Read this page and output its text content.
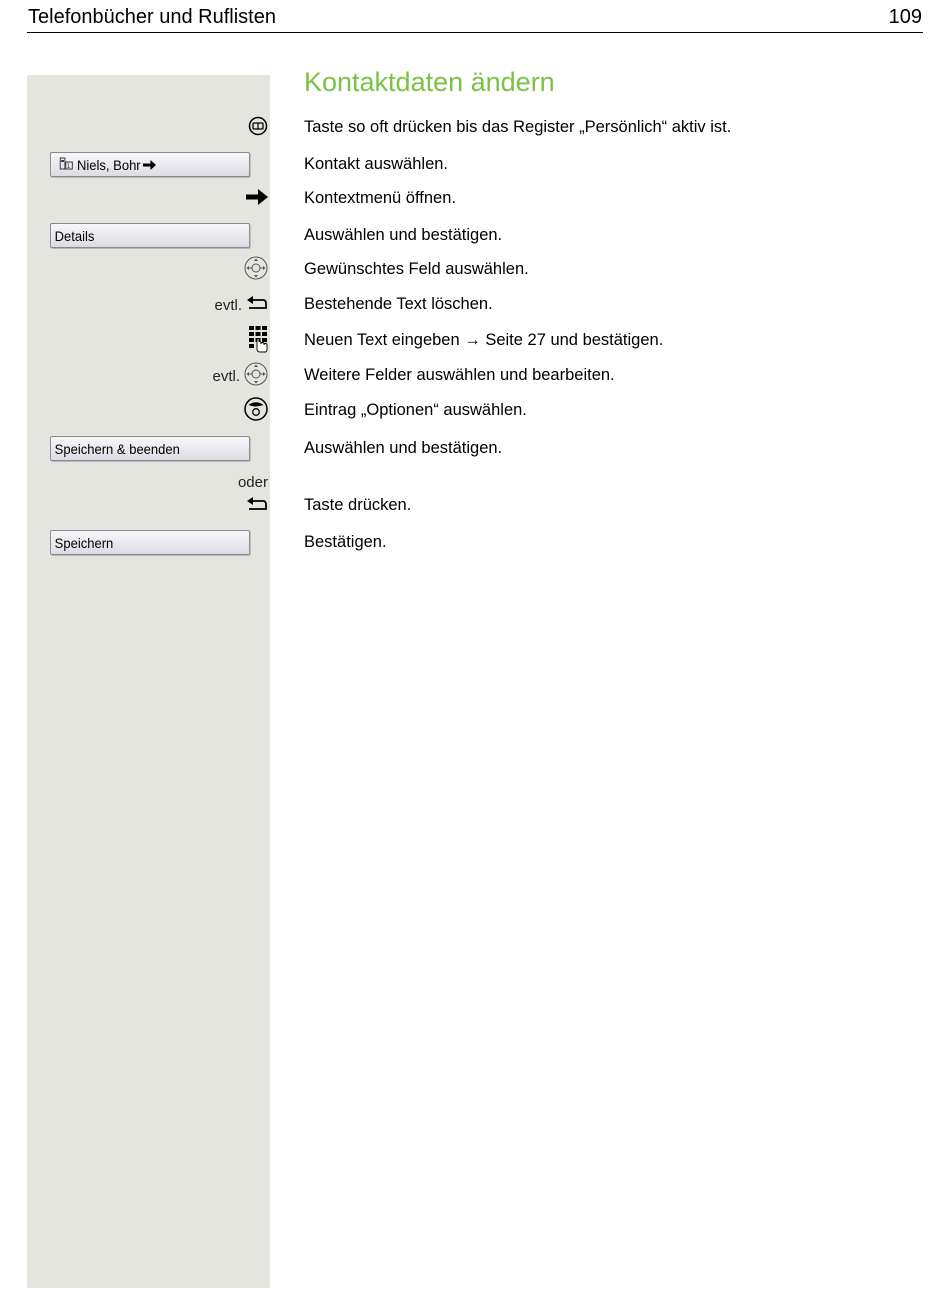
Telefonbücher und Ruflisten	109
Kontaktdaten ändern
Taste so oft drücken bis das Register „Persönlich“ aktiv ist.
1 Niels, Bohr	Kontakt auswählen.
Kontextmenü öffnen.
Details	Auswählen und bestätigen.
Gewünschtes Feld auswählen.
evtl.	Bestehende Text löschen.
Neuen Text eingeben → Seite 27 und bestätigen.
evtl.	Weitere Felder auswählen und bearbeiten.
Eintrag „Optionen“ auswählen.
Speichern & beenden	Auswählen und bestätigen.
oder
Taste drücken.
Speichern	Bestätigen.
